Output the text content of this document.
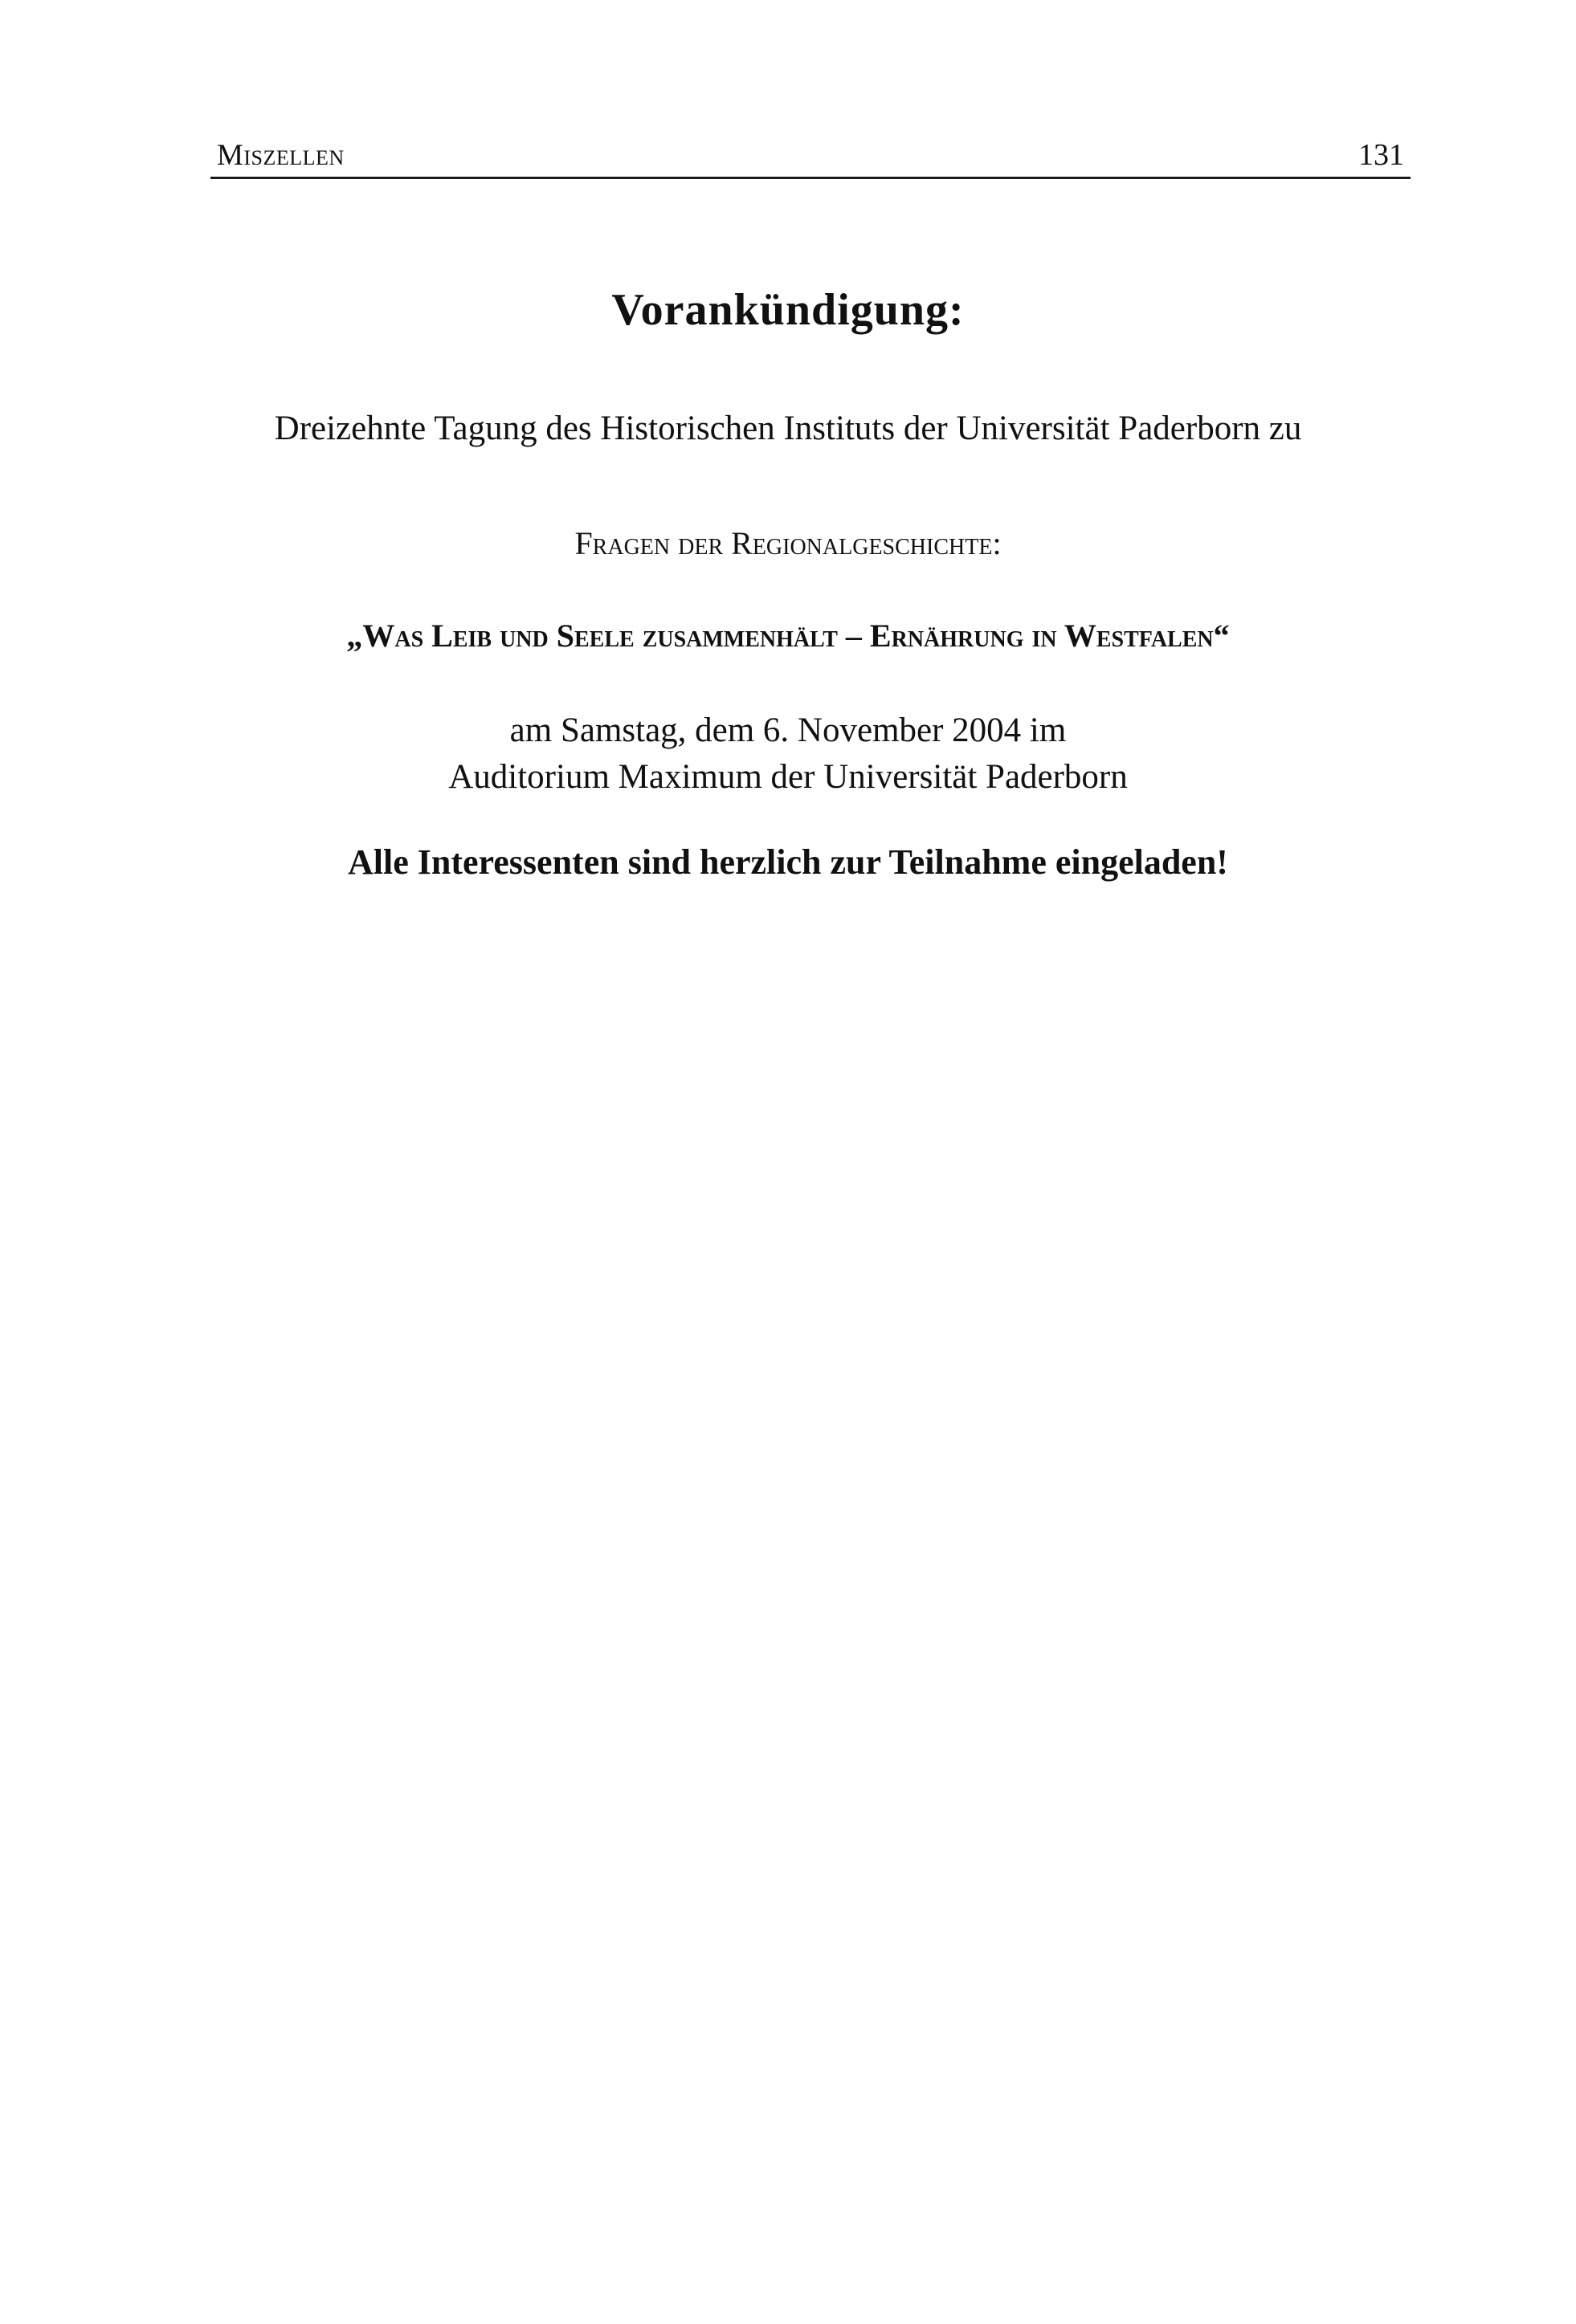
Miszellen	131
Vorankündigung:
Dreizehnte Tagung des Historischen Instituts der Universität Paderborn zu
Fragen der Regionalgeschichte:
„Was Leib und Seele zusammenhält – Ernährung in Westfalen“
am Samstag, dem 6. November 2004 im
Auditorium Maximum der Universität Paderborn
Alle Interessenten sind herzlich zur Teilnahme eingeladen!
